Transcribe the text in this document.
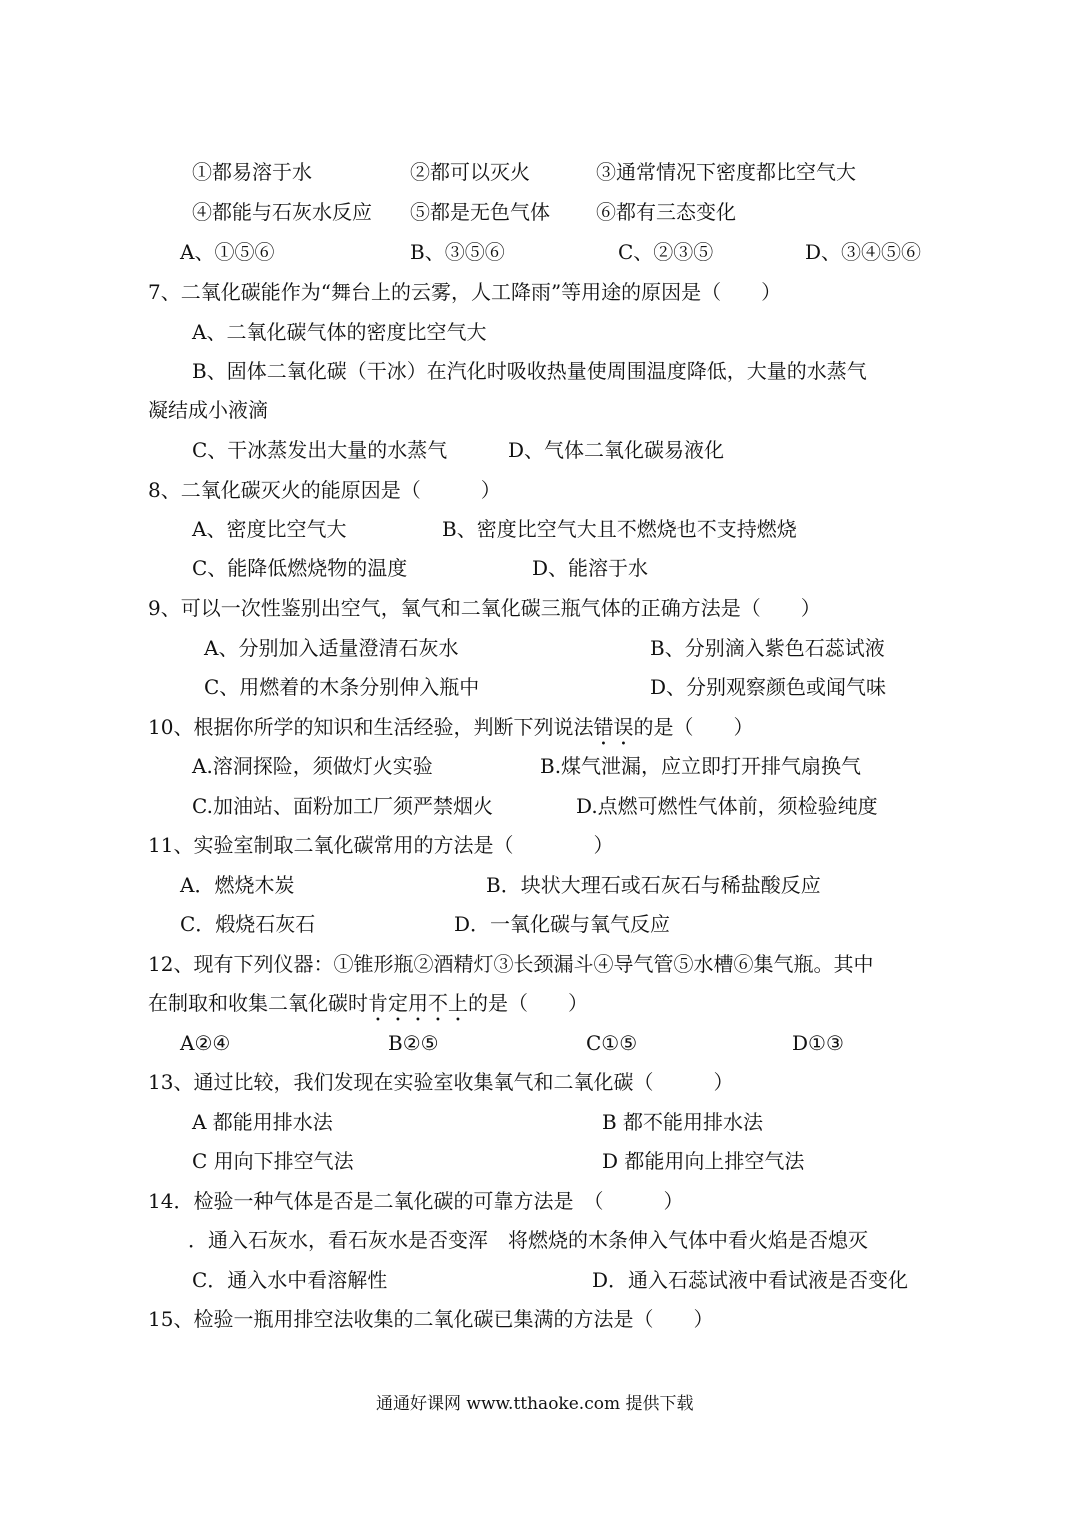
①都易溶于水	②都可以灭火	③通常情况下密度都比空气大
④都能与石灰水反应 ⑤都是无色气体 ⑥都有三态变化
A、①⑤⑥	B、③⑤⑥	C、②③⑤	D、③④⑤⑥
7、二氧化碳能作为“舞台上的云雾，人工降雨”等用途的原因是（　　）
A、二氧化碳气体的密度比空气大
B、固体二氧化碳（干冰）在汽化时吸收热量使周围温度降低，大量的水蒸气
凝结成小液滴
C、干冰蒸发出大量的水蒸气	D、气体二氧化碳易液化
8、二氧化碳灭火的能原因是（　　　）
A、密度比空气大	B、密度比空气大且不燃烧也不支持燃烧
C、能降低燃烧物的温度	D、能溶于水
9、可以一次性鉴别出空气，氧气和二氧化碳三瓶气体的正确方法是（　　）
A、分别加入适量澄清石灰水	B、分别滴入紫色石蕊试液
C、用燃着的木条分别伸入瓶中	D、分别观察颜色或闻气味
10、根据你所学的知识和生活经验，判断下列说法错误的是（　　）
A.溶洞探险，须做灯火实验	B.煤气泄漏，应立即打开排气扇换气
C.加油站、面粉加工厂须严禁烟火	D.点燃可燃性气体前，须检验纯度
11、实验室制取二氧化碳常用的方法是（　　　　）
A．燃烧木炭	B．块状大理石或石灰石与稀盐酸反应
C．煅烧石灰石	D．一氧化碳与氧气反应
12、现有下列仪器：①锥形瓶②酒精灯③长颈漏斗④导气管⑤水槽⑥集气瓶。其中
在制取和收集二氧化碳时肯定用不上的是（　　）
A②④	B②⑤	C①⑤	D①③
13、通过比较，我们发现在实验室收集氧气和二氧化碳（　　　）
A 都能用排水法	B 都不能用排水法
C 用向下排空气法	D 都能用向上排空气法
14．检验一种气体是否是二氧化碳的可靠方法是　（　　　）
．通入石灰水，看石灰水是否变浑　将燃烧的木条伸入气体中看火焰是否熄灭
C．通入水中看溶解性	D．通入石蕊试液中看试液是否变化
15、检验一瓶用排空法收集的二氧化碳已集满的方法是（　　）
通通好课网 www.tthaoke.com 提供下载
